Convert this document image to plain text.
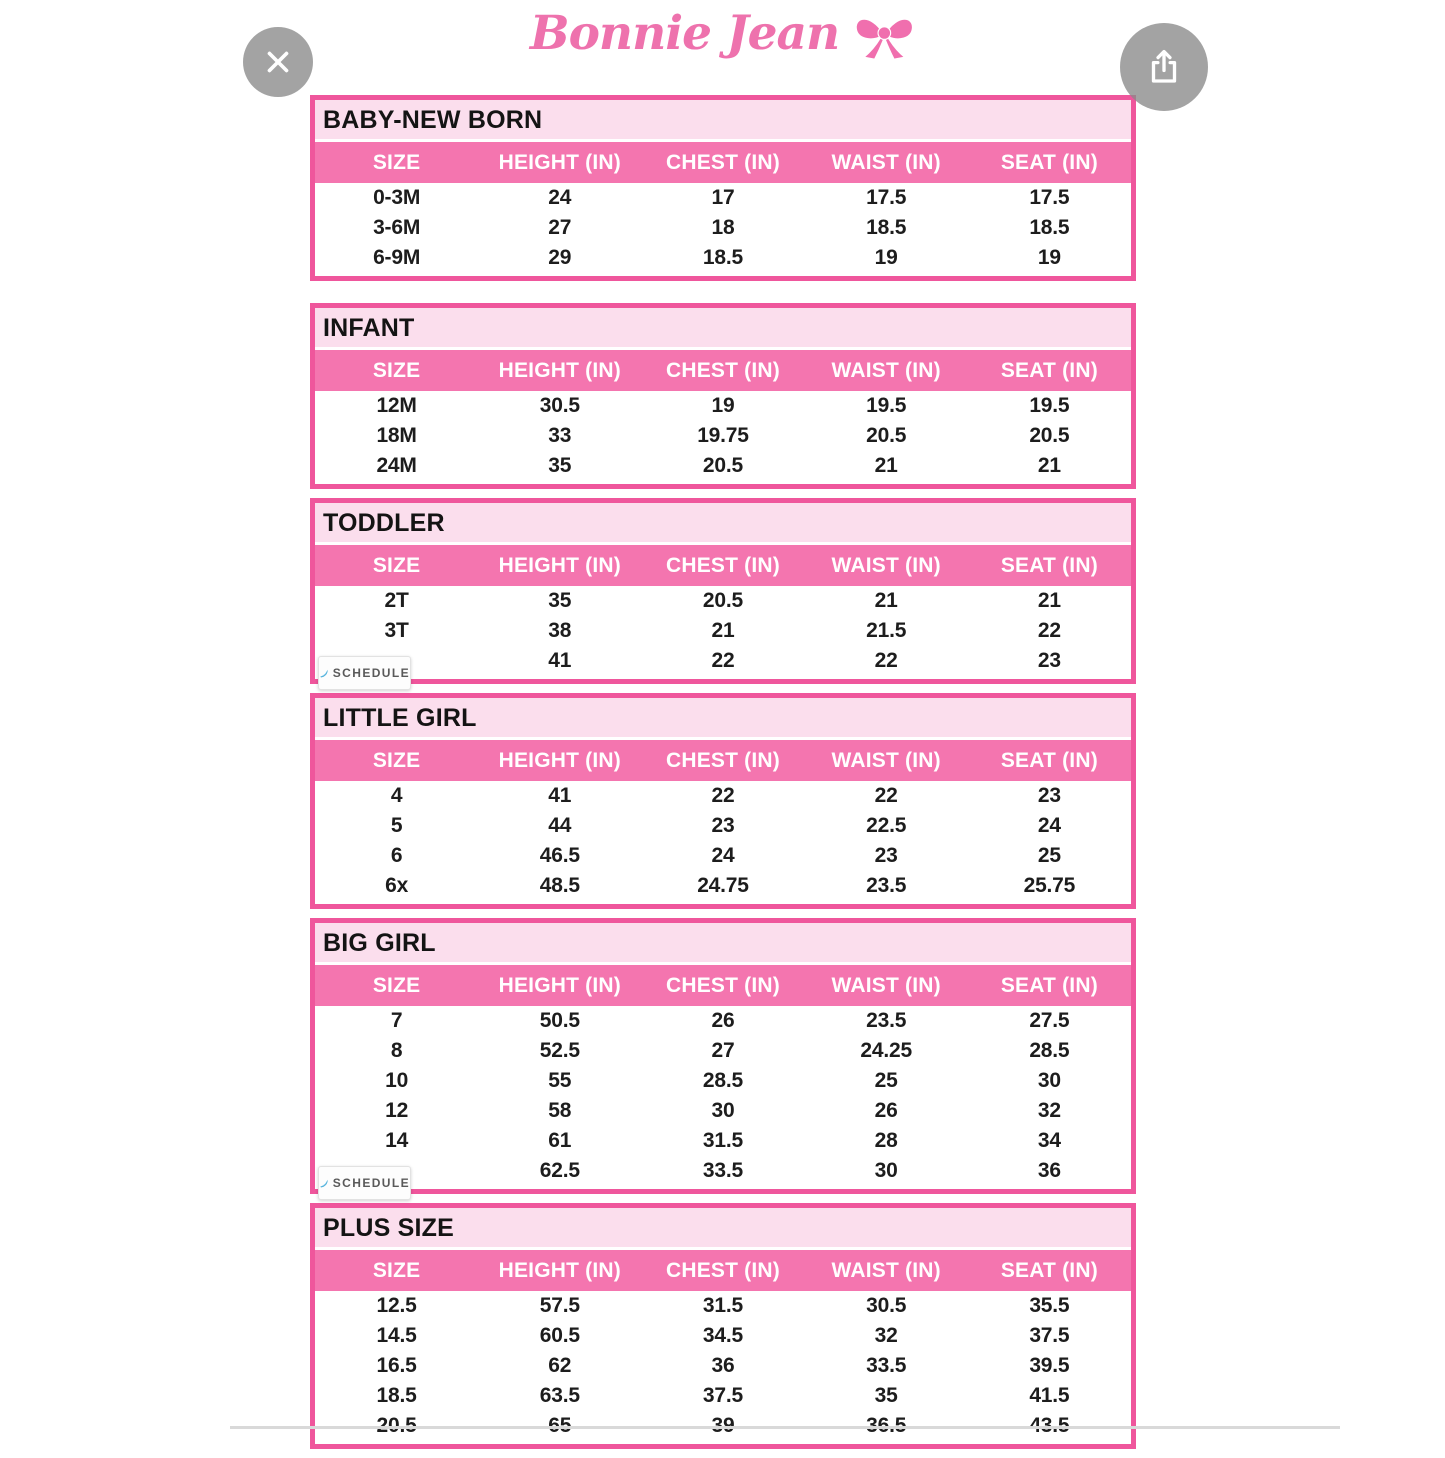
Bonnie Jean
BABY-NEW BORN
SIZE	HEIGHT (IN)	CHEST (IN)	WAIST (IN)	SEAT (IN)
0-3M	24	17	17.5	17.5
3-6M	27	18	18.5	18.5
6-9M	29	18.5	19	19
INFANT
SIZE	HEIGHT (IN)	CHEST (IN)	WAIST (IN)	SEAT (IN)
12M	30.5	19	19.5	19.5
18M	33	19.75	20.5	20.5
24M	35	20.5	21	21
TODDLER
SIZE	HEIGHT (IN)	CHEST (IN)	WAIST (IN)	SEAT (IN)
2T	35	20.5	21	21
3T	38	21	21.5	22
	41	22	22	23
SCHEDULE
LITTLE GIRL
SIZE	HEIGHT (IN)	CHEST (IN)	WAIST (IN)	SEAT (IN)
4	41	22	22	23
5	44	23	22.5	24
6	46.5	24	23	25
6x	48.5	24.75	23.5	25.75
BIG GIRL
SIZE	HEIGHT (IN)	CHEST (IN)	WAIST (IN)	SEAT (IN)
7	50.5	26	23.5	27.5
8	52.5	27	24.25	28.5
10	55	28.5	25	30
12	58	30	26	32
14	61	31.5	28	34
	62.5	33.5	30	36
SCHEDULE
PLUS SIZE
SIZE	HEIGHT (IN)	CHEST (IN)	WAIST (IN)	SEAT (IN)
12.5	57.5	31.5	30.5	35.5
14.5	60.5	34.5	32	37.5
16.5	62	36	33.5	39.5
18.5	63.5	37.5	35	41.5
